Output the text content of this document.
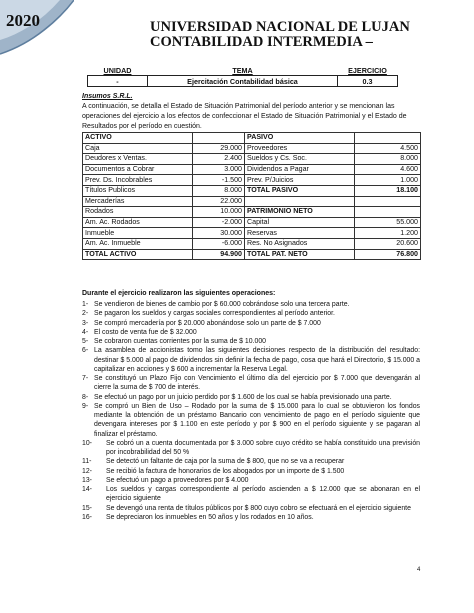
2020	UNIVERSIDAD NACIONAL DE LUJAN
CONTABILIDAD INTERMEDIA –
UNIDAD	TEMA	EJERCICIO
-	Ejercitación Contabilidad básica	0.3
Insumos S.R.L.
A continuación, se detalla el Estado de Situación Patrimonial del período anterior y se mencionan las operaciones del ejercicio a los efectos de confeccionar el Estado de Situación Patrimonial y el Estado de Resultados por el período en cuestión.
ACTIVO		PASIVO	
Caja	29.000	Proveedores	4.500
Deudores x Ventas.	2.400	Sueldos y Cs. Soc.	8.000
Documentos a Cobrar	3.000	Dividendos a Pagar	4.600
Prev. Ds. Incobrables	-1.500	Prev. P/Juicios	1.000
Títulos Publicos	8.000	TOTAL PASIVO	18.100
Mercaderías	22.000		
Rodados	10.000	PATRIMONIO NETO	
Am. Ac. Rodados	-2.000	Capital	55.000
Inmueble	30.000	Reservas	1.200
Am. Ac. Inmueble	-6.000	Res. No Asignados	20.600
TOTAL ACTIVO	94.900	TOTAL PAT. NETO	76.800
Durante el ejercicio realizaron las siguientes operaciones:
1- Se vendieron de bienes de cambio por $ 60.000 cobrándose solo una tercera parte.
2- Se pagaron los sueldos y cargas sociales correspondientes al período anterior.
3- Se compró mercadería por $ 20.000 abonándose solo un parte de $ 7.000
4- El costo de venta fue de $ 32.000
5- Se cobraron cuentas corrientes por la suma de $ 10.000
6- La asamblea de accionistas tomo las siguientes decisiones respecto de la distribución del resultado: destinar $ 5.000 al pago de dividendos sin definir la fecha de pago, cosa que hará el Directorio, $ 15.000 a capitalizar en acciones y $ 600 a incrementar la Reserva Legal.
7- Se constituyó un Plazo Fijo con Vencimiento el último día del ejercicio por $ 7.000 que devengarán al cierre la suma de $ 700 de interés.
8- Se efectuó un pago por un juicio perdido por $ 1.600 de los cual se había previsionado una parte.
9- Se compró un Bien de Uso – Rodado por la suma de $ 15.000 para lo cual se obtuvieron los fondos mediante la obtención de un préstamo Bancario con vencimiento de pago en el período siguiente que devengara intereses por $ 1.100 en este período y por $ 900 en el período siguiente y se pagaran al finalizar el préstamo.
10-	Se cobró un a cuenta documentada por $ 3.000 sobre cuyo crédito se había constituido una previsión por incobrabilidad del 50 %
11-	Se detectó un faltante de caja por la suma de $ 800, que no se va a recuperar
12-	Se recibió la factura de honorarios de los abogados por un importe de $ 1.500
13-	Se efectuó un pago a proveedores por $ 4.000
14-	Los sueldos y cargas correspondiente al período ascienden a $ 12.000 que se abonaran en el ejercicio siguiente
15-	Se devengó una renta de títulos públicos por $ 800 cuyo cobro se efectuará en el ejercicio siguiente
16-	Se depreciaron los inmuebles en 50 años y los rodados en 10 años.
4
